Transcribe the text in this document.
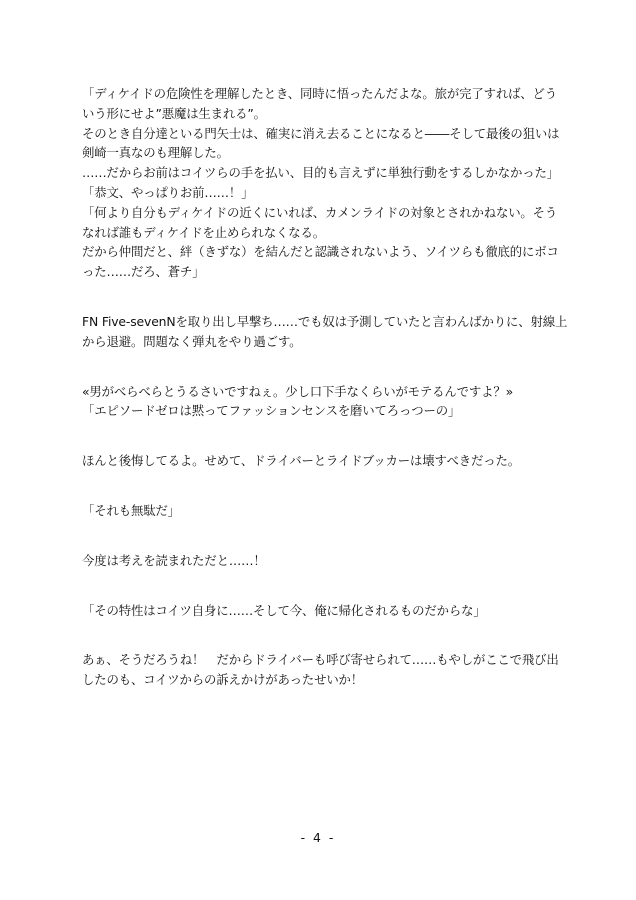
「ディケイドの危険性を理解したとき、同時に悟ったんだよな。旅が完了すれば、どう
いう形にせよ”悪魔は生まれる”。
そのとき自分達といる門矢士は、確実に消え去ることになると――そして最後の狙いは
剣崎一真なのも理解した。
……だからお前はコイツらの手を払い、目的も言えずに単独行動をするしかなかった」
「恭文、やっぱりお前……！」
「何より自分もディケイドの近くにいれば、カメンライドの対象とされかねない。そう
なれば誰もディケイドを止められなくなる。
だから仲間だと、絆（きずな）を結んだと認識されないよう、ソイツらも徹底的にボコ
った……だろ、蒼チ」
FN Five-sevenNを取り出し早撃ち……でも奴は予測していたと言わんばかりに、射線上
から退避。問題なく弾丸をやり過ごす。
«男がべらべらとうるさいですねぇ。少し口下手なくらいがモテるんですよ？»
「エピソードゼロは黙ってファッションセンスを磨いてろっつーの」
ほんと後悔してるよ。せめて、ドライバーとライドブッカーは壊すべきだった。
「それも無駄だ」
今度は考えを読まれただと……！
「その特性はコイツ自身に……そして今、俺に帰化されるものだからな」
あぁ、そうだろうね！　だからドライバーも呼び寄せられて……もやしがここで飛び出
したのも、コイツからの訴えかけがあったせいか！
- 4 -
